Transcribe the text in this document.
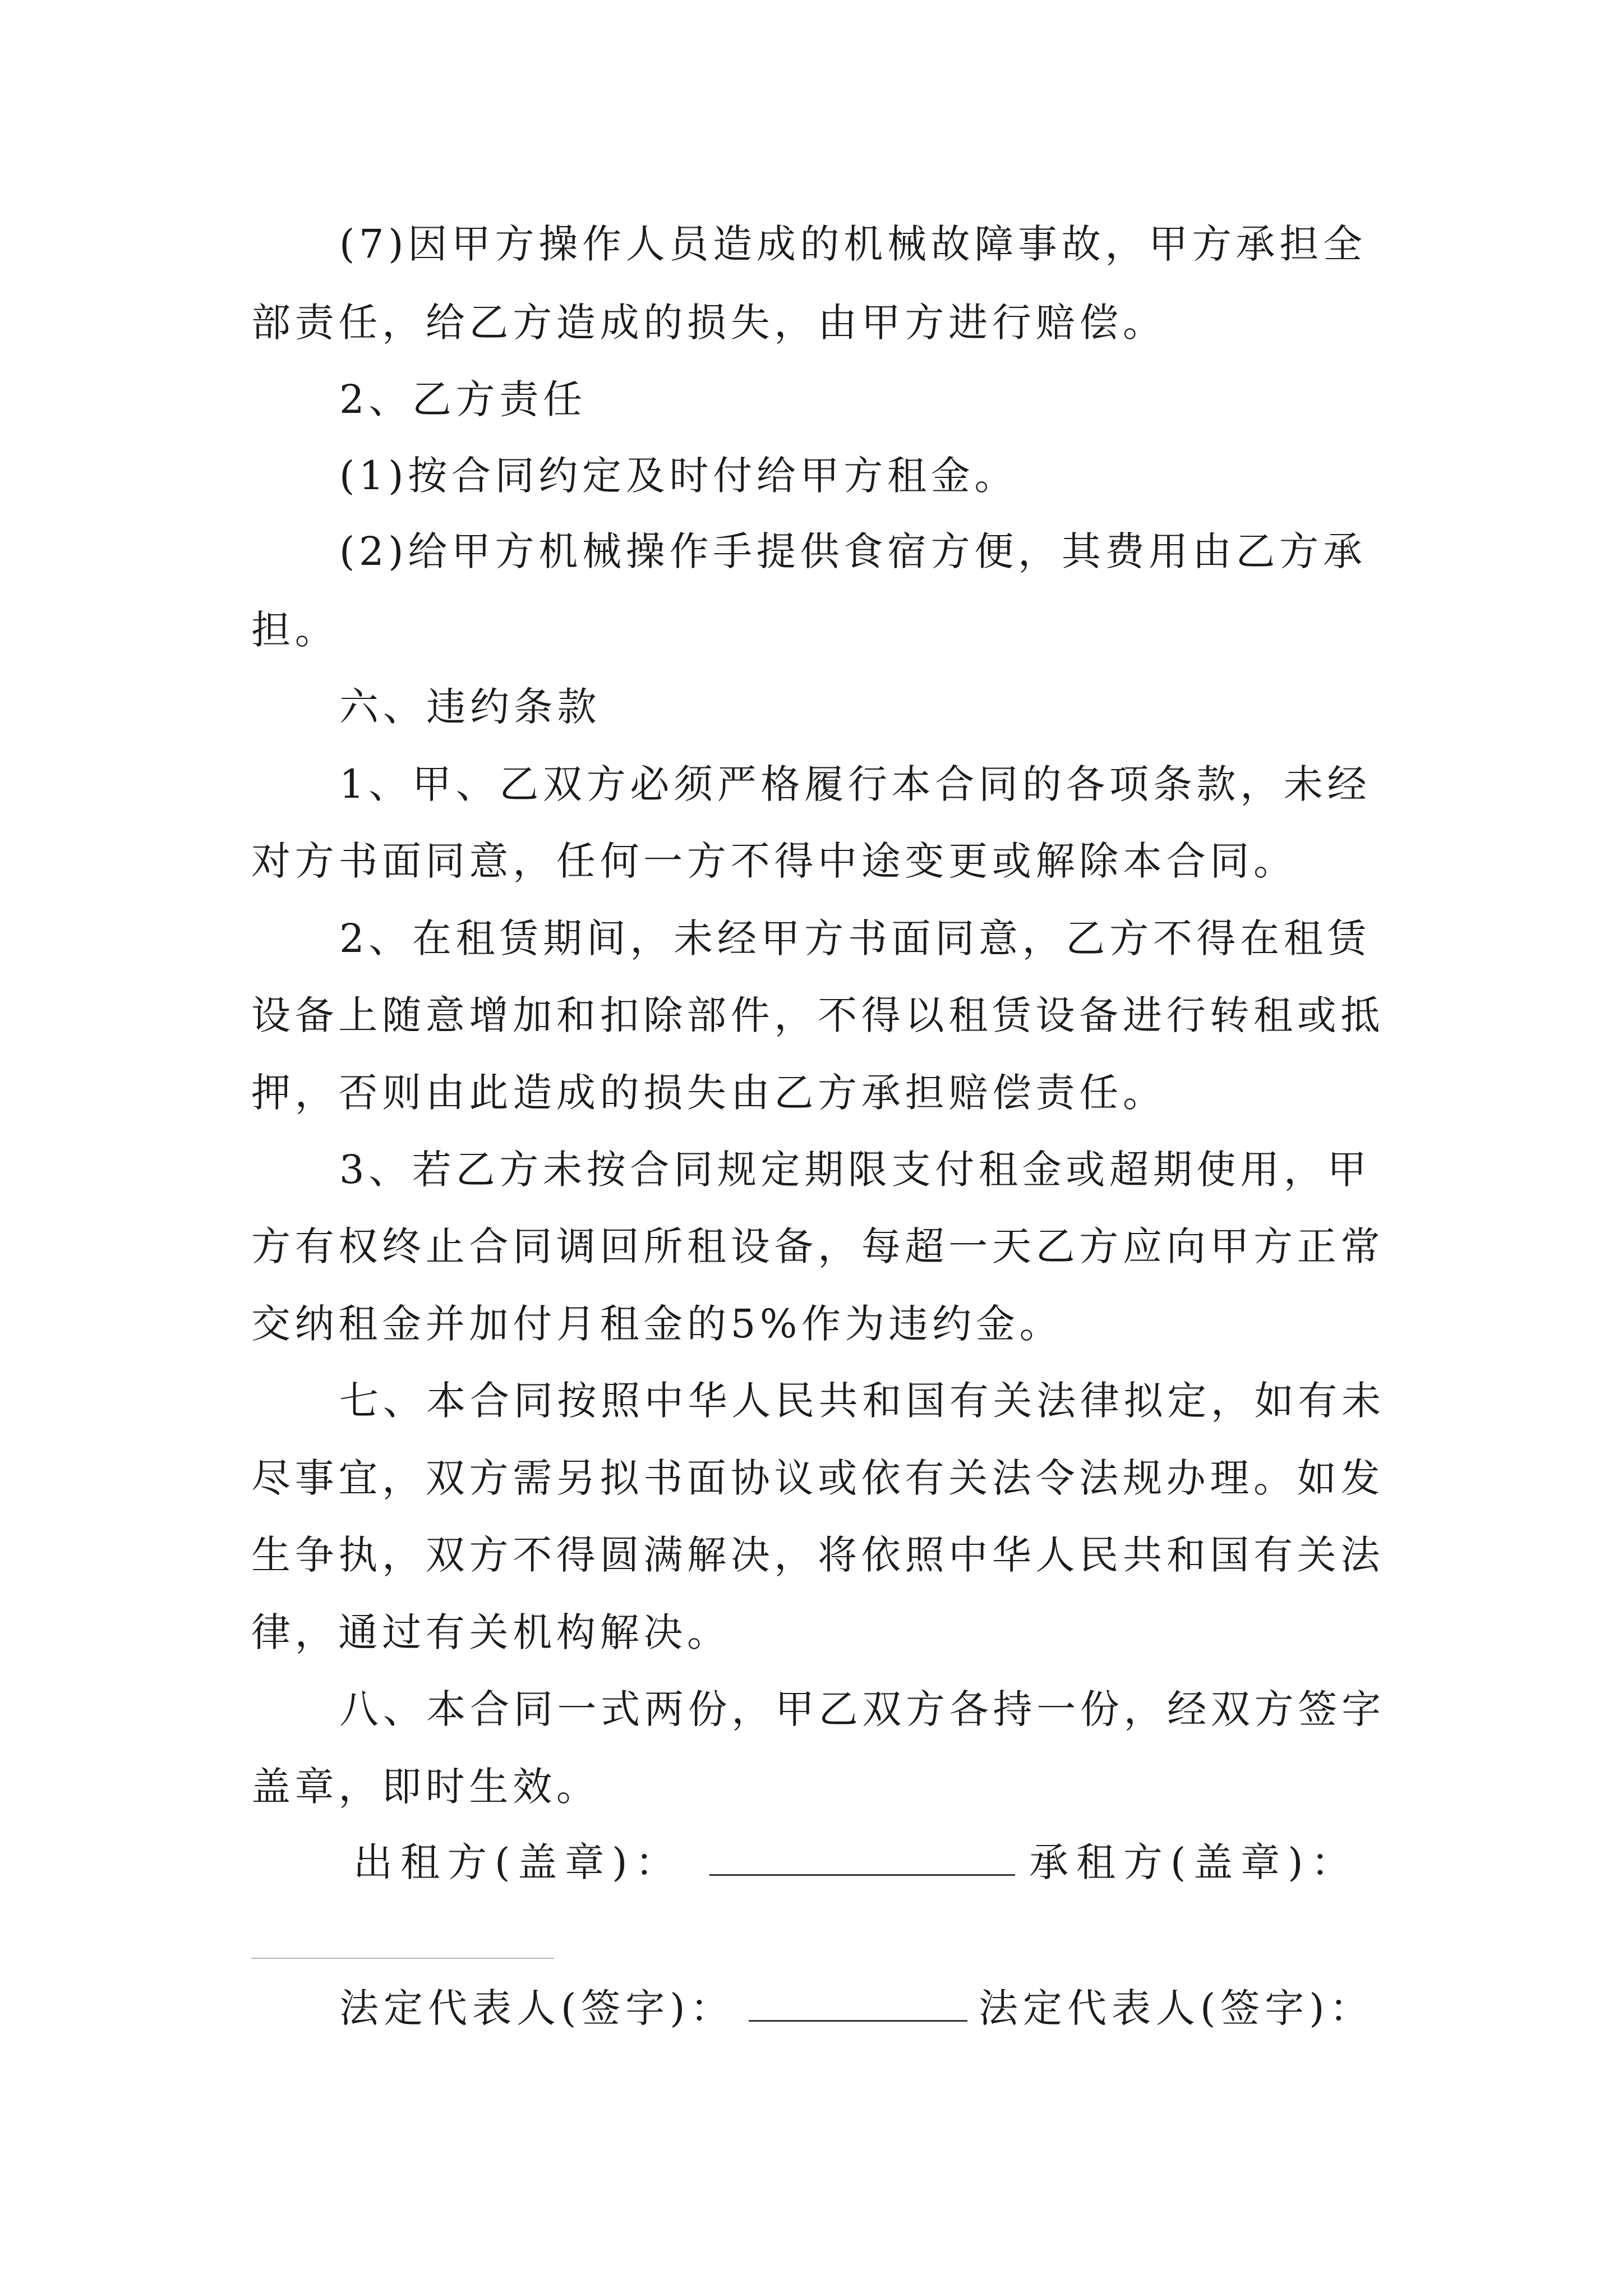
(7)因甲方操作人员造成的机械故障事故，甲方承担全
部责任，给乙方造成的损失，由甲方进行赔偿。
2、乙方责任
(1)按合同约定及时付给甲方租金。
(2)给甲方机械操作手提供食宿方便，其费用由乙方承
担。
六、违约条款
1、甲、乙双方必须严格履行本合同的各项条款，未经
对方书面同意，任何一方不得中途变更或解除本合同。
2、在租赁期间，未经甲方书面同意，乙方不得在租赁
设备上随意增加和扣除部件，不得以租赁设备进行转租或抵
押，否则由此造成的损失由乙方承担赔偿责任。
3、若乙方未按合同规定期限支付租金或超期使用，甲
方有权终止合同调回所租设备，每超一天乙方应向甲方正常
交纳租金并加付月租金的5%作为违约金。
七、本合同按照中华人民共和国有关法律拟定，如有未
尽事宜，双方需另拟书面协议或依有关法令法规办理。如发
生争执，双方不得圆满解决，将依照中华人民共和国有关法
律，通过有关机构解决。
八、本合同一式两份，甲乙双方各持一份，经双方签字
盖章，即时生效。
出租方(盖章)：	承租方(盖章)：
法定代表人(签字)：	法定代表人(签字)：
